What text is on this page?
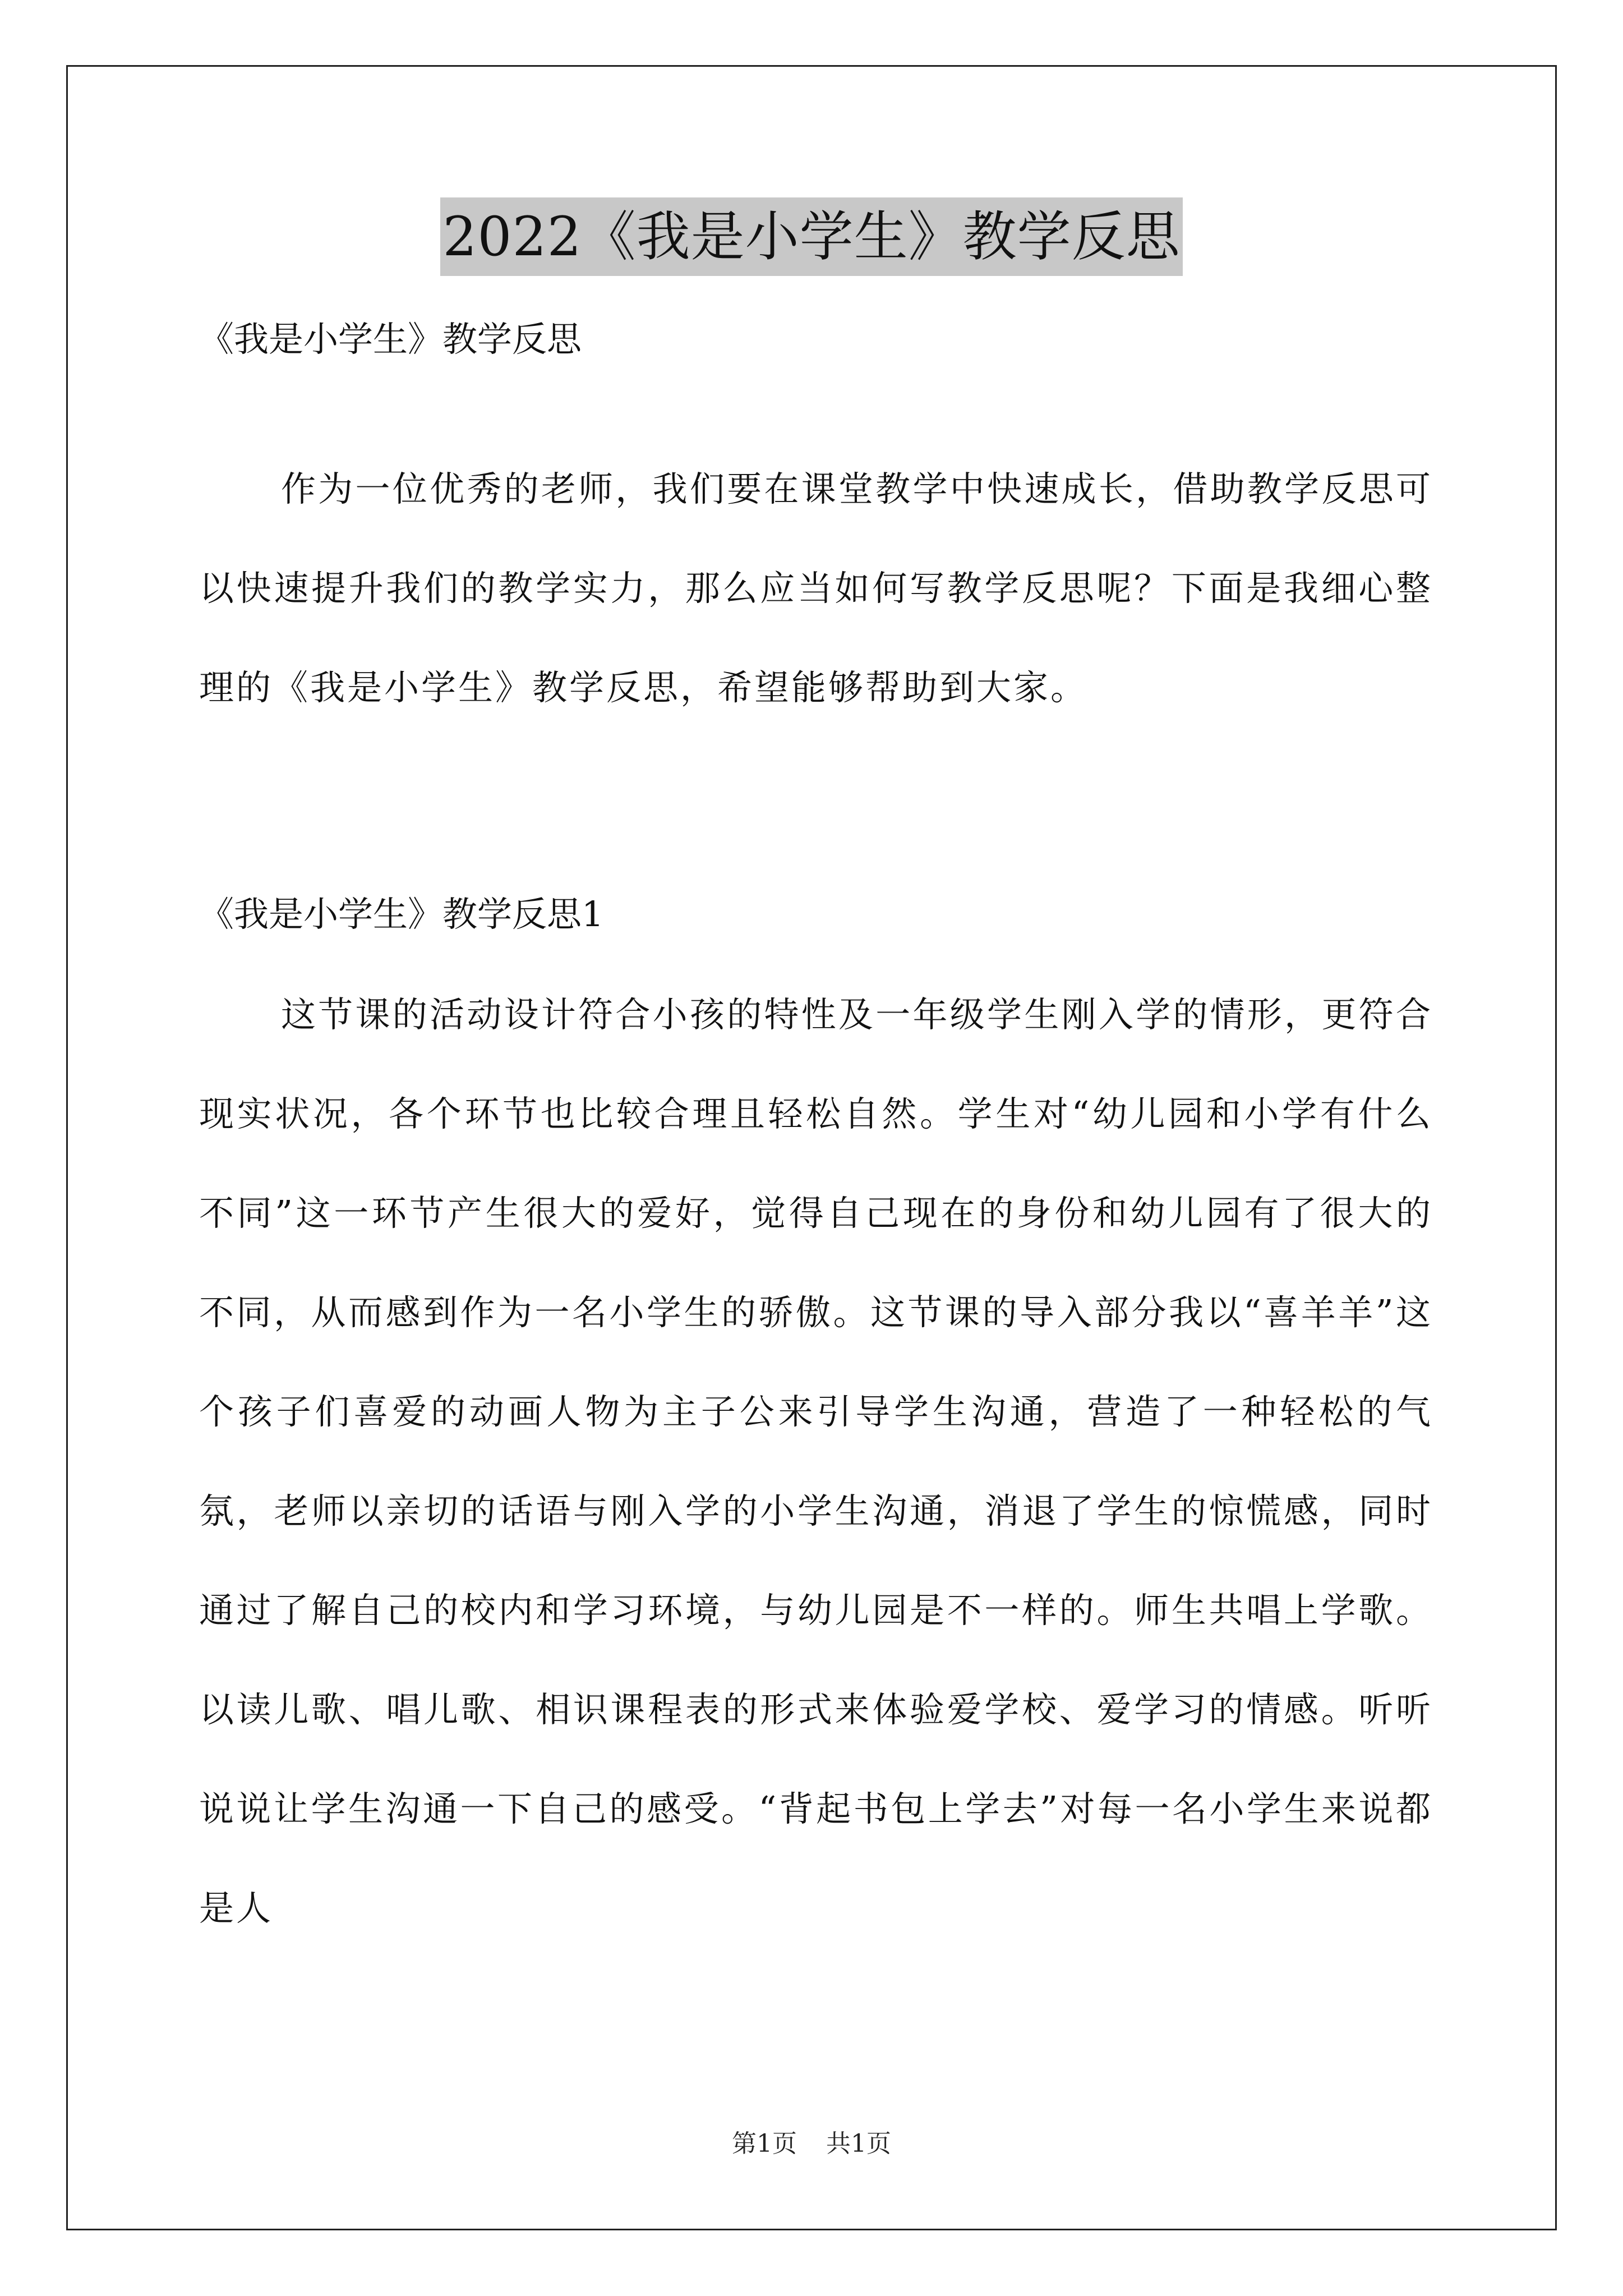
2022《我是小学生》教学反思
《我是小学生》教学反思
作为一位优秀的老师，我们要在课堂教学中快速成长，借助教学反思可以快速提升我们的教学实力，那么应当如何写教学反思呢？下面是我细心整理的《我是小学生》教学反思，希望能够帮助到大家。
《我是小学生》教学反思1
这节课的活动设计符合小孩的特性及一年级学生刚入学的情形，更符合现实状况，各个环节也比较合理且轻松自然。学生对“幼儿园和小学有什么不同”这一环节产生很大的爱好，觉得自己现在的身份和幼儿园有了很大的不同，从而感到作为一名小学生的骄傲。这节课的导入部分我以“喜羊羊”这个孩子们喜爱的动画人物为主子公来引导学生沟通，营造了一种轻松的气氛，老师以亲切的话语与刚入学的小学生沟通，消退了学生的惊慌感，同时通过了解自己的校内和学习环境，与幼儿园是不一样的。师生共唱上学歌。以读儿歌、唱儿歌、相识课程表的形式来体验爱学校、爱学习的情感。听听说说让学生沟通一下自己的感受。“背起书包上学去”对每一名小学生来说都是人
第1页 共1页
